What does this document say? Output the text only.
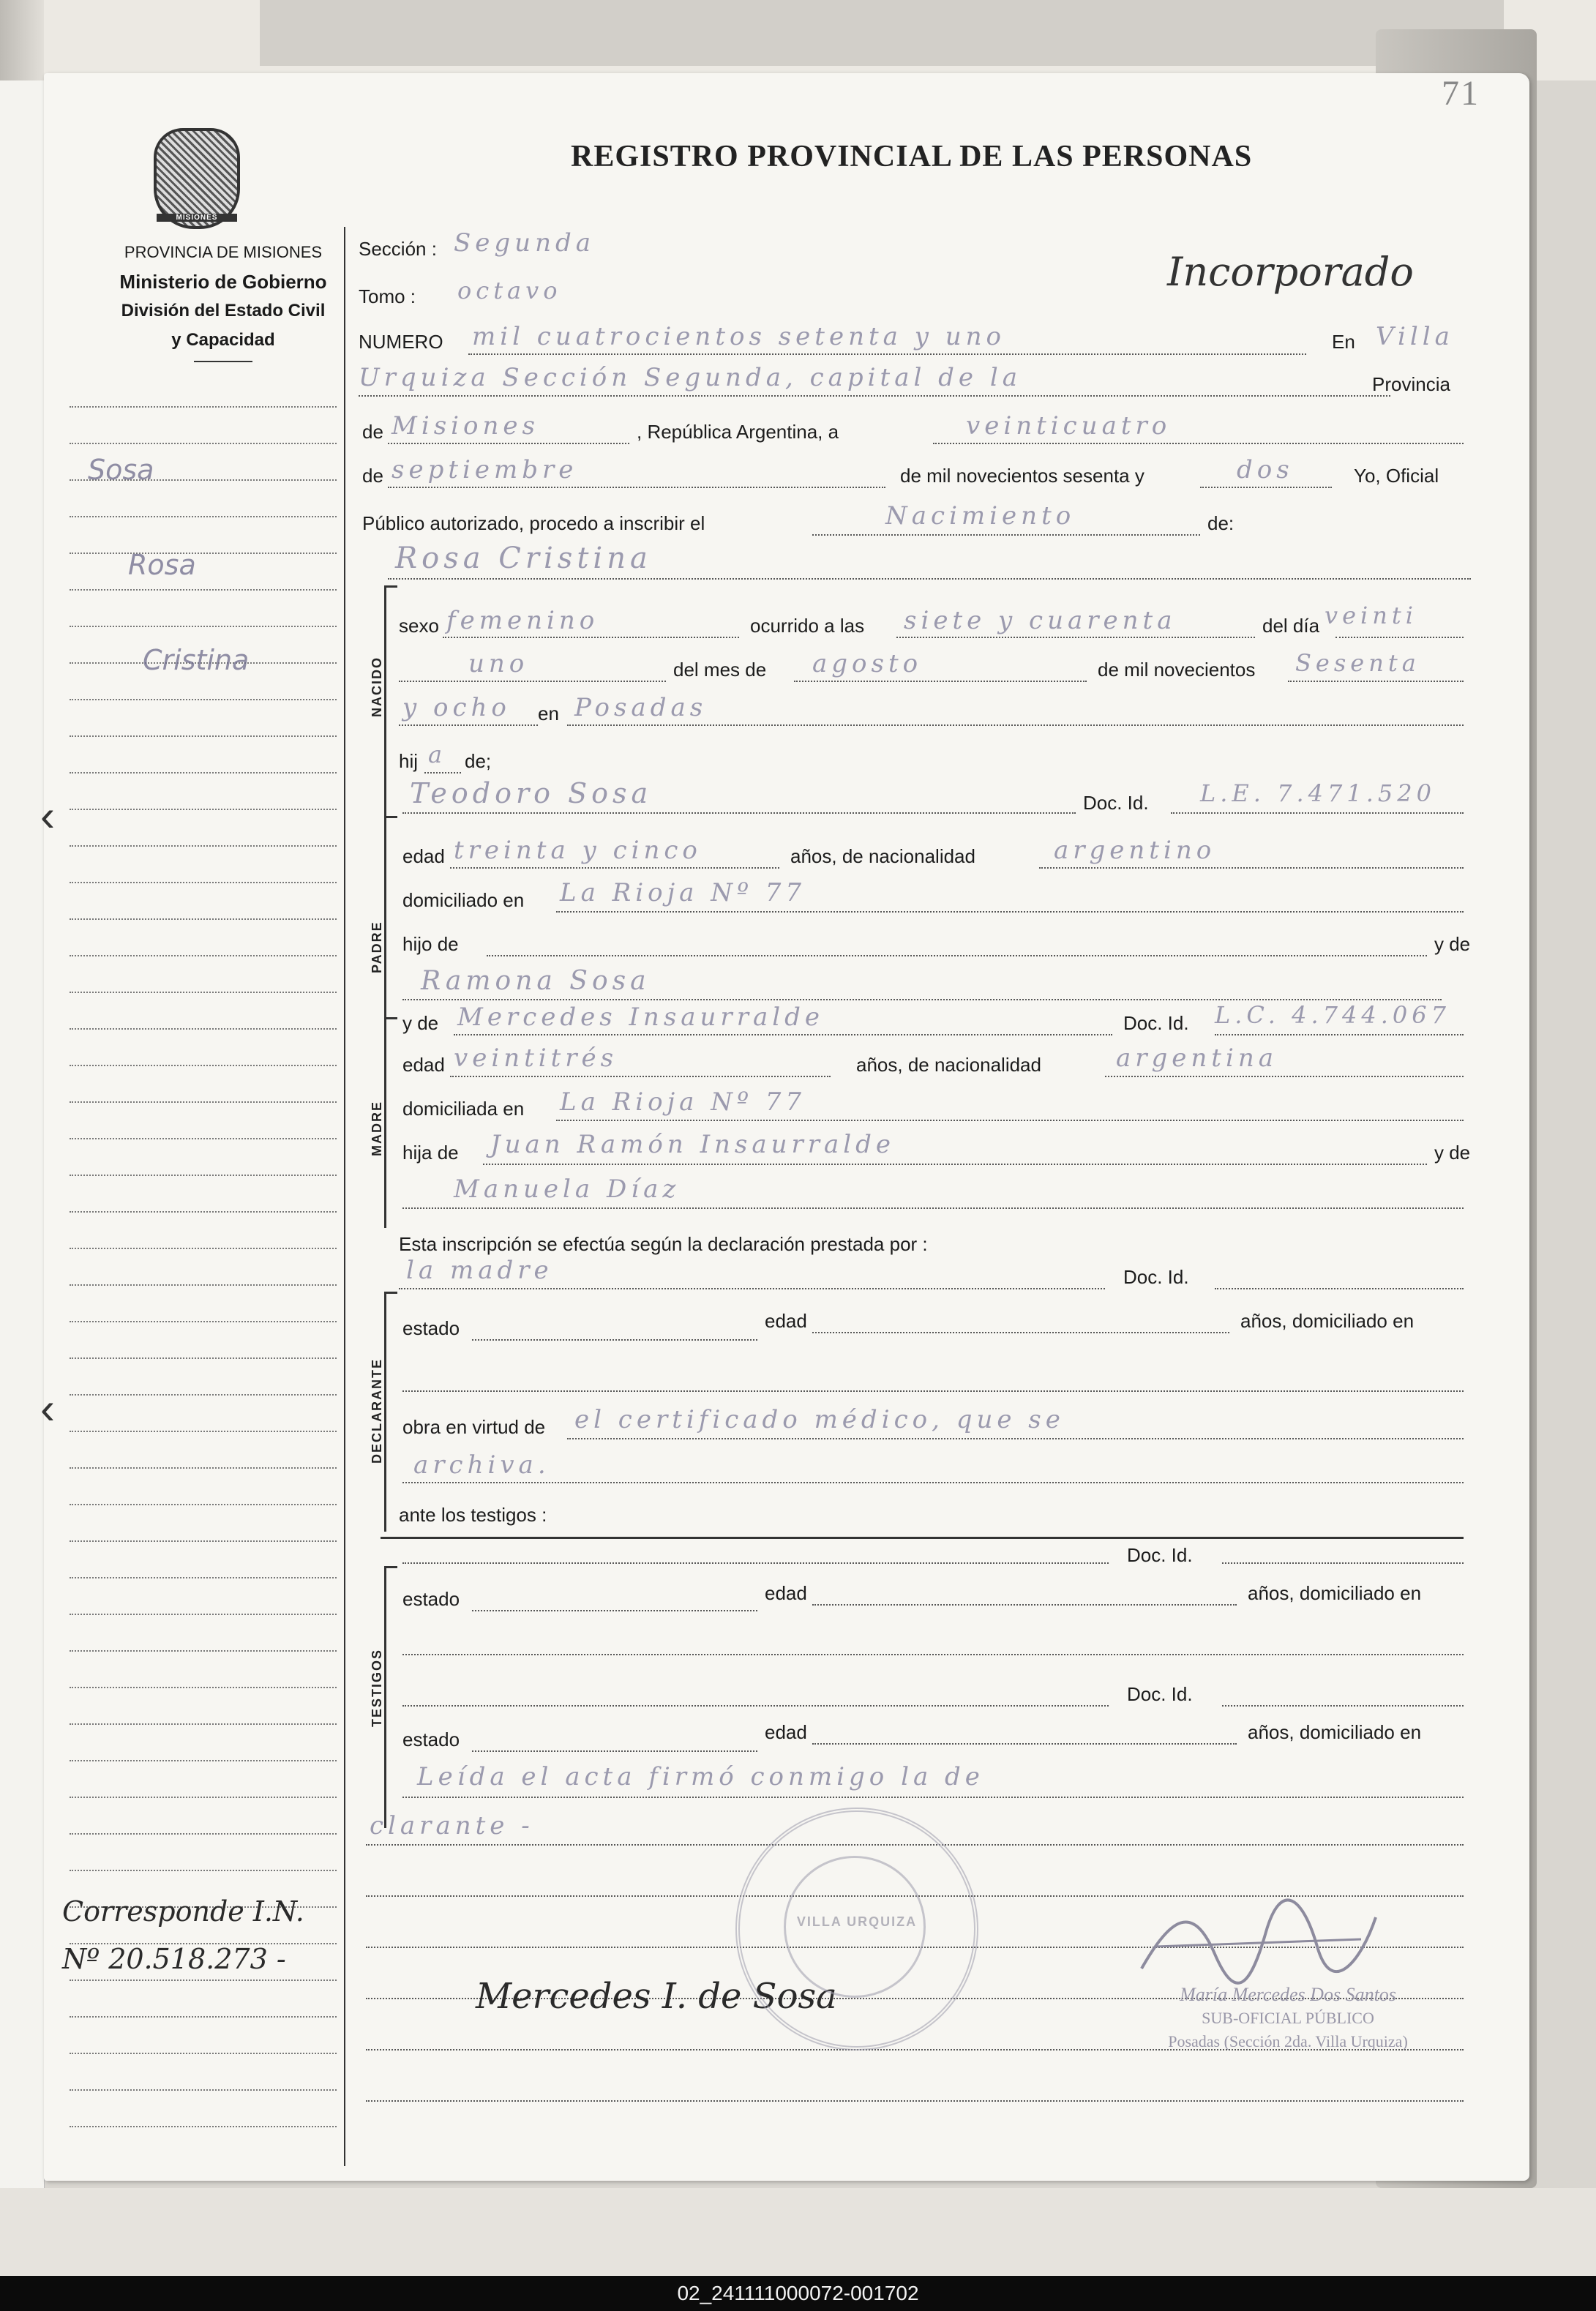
71
MISIONES
PROVINCIA DE MISIONES
Ministerio de Gobierno
División del Estado Civil
y Capacidad
REGISTRO PROVINCIAL DE LAS PERSONAS
Sosa
Rosa
Cristina
‹
‹
Corresponde I.N.
Nº 20.518.273 -
Incorporado
Sección : Segunda
Tomo : octavo
NUMERO mil cuatrocientos setenta y uno	En Villa
Urquiza Sección Segunda, capital de la	Provincia
de Misiones	, República Argentina, a	veinticuatro
de septiembre	de mil novecientos sesenta y	dos	Yo, Oficial
Público autorizado, procedo a inscribir el	Nacimiento	de:
Rosa Cristina
NACIDO
sexo femenino	ocurrido a las siete y cuarenta	del día veinti
uno	del mes de agosto	de mil novecientos Sesenta
y ocho en Posadas
hij a de;
Teodoro Sosa	Doc. Id. L.E. 7.471.520
PADRE
edad treinta y cinco	años, de nacionalidad	argentino
domiciliado en La Rioja Nº 77
hijo de	y de
Ramona Sosa
y de Mercedes Insaurralde	Doc. Id. L.C. 4.744.067
MADRE
edad veintitrés	años, de nacionalidad	argentina
domiciliada en La Rioja Nº 77
hija de Juan Ramón Insaurralde	y de
Manuela Díaz
Esta inscripción se efectúa según la declaración prestada por :
la madre	Doc. Id.
DECLARANTE
estado	edad	años, domiciliado en
obra en virtud de el certificado médico, que se
archiva.
ante los testigos :
Doc. Id.
TESTIGOS
estado	edad	años, domiciliado en
Doc. Id.
estado	edad	años, domiciliado en
Leída el acta firmó conmigo la de
clarante -
Mercedes I. de Sosa
VILLA URQUIZA
María Mercedes Dos Santos
SUB-OFICIAL PÚBLICO
Posadas (Sección 2da. Villa Urquiza)
02_241111000072-001702
